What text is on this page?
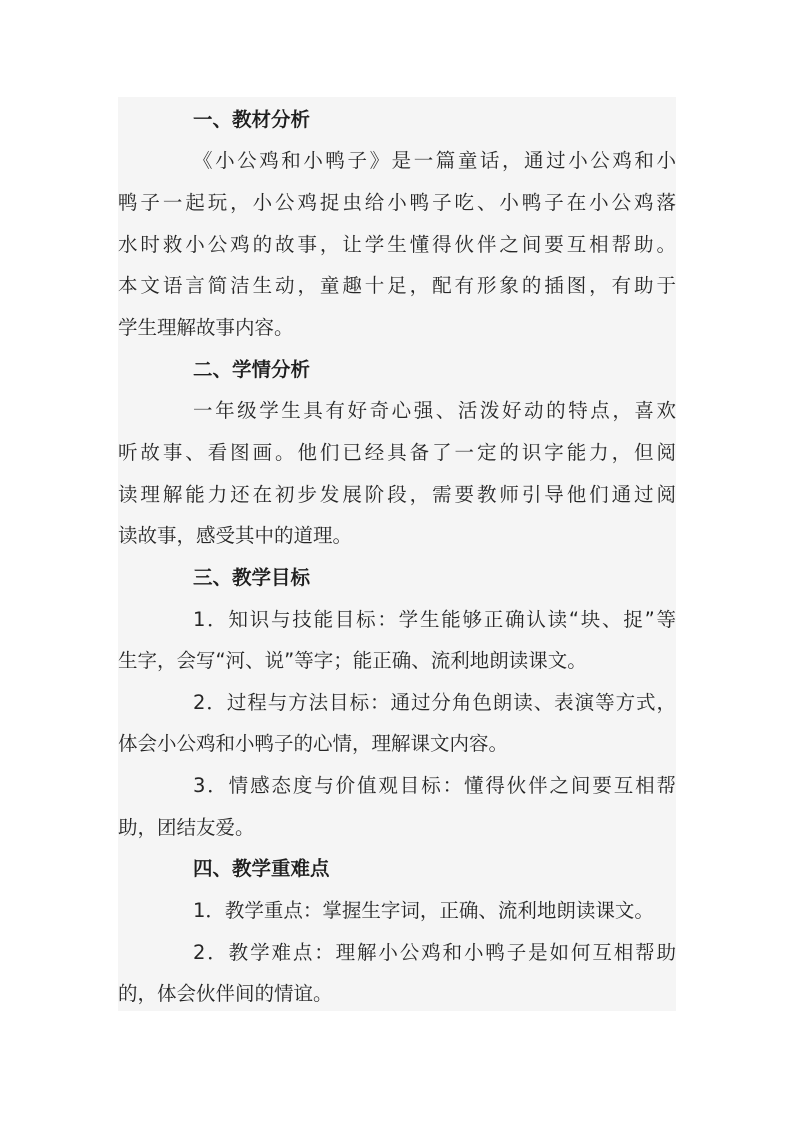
一、教材分析
《小公鸡和小鸭子》是一篇童话，通过小公鸡和小
鸭子一起玩，小公鸡捉虫给小鸭子吃、小鸭子在小公鸡落
水时救小公鸡的故事，让学生懂得伙伴之间要互相帮助。
本文语言简洁生动，童趣十足，配有形象的插图，有助于
学生理解故事内容。
二、学情分析
一年级学生具有好奇心强、活泼好动的特点，喜欢
听故事、看图画。他们已经具备了一定的识字能力，但阅
读理解能力还在初步发展阶段，需要教师引导他们通过阅
读故事，感受其中的道理。
三、教学目标
1．知识与技能目标：学生能够正确认读“块、捉”等
生字，会写“河、说”等字；能正确、流利地朗读课文。
2．过程与方法目标：通过分角色朗读、表演等方式，
体会小公鸡和小鸭子的心情，理解课文内容。
3．情感态度与价值观目标：懂得伙伴之间要互相帮
助，团结友爱。
四、教学重难点
1．教学重点：掌握生字词，正确、流利地朗读课文。
2．教学难点：理解小公鸡和小鸭子是如何互相帮助
的，体会伙伴间的情谊。
